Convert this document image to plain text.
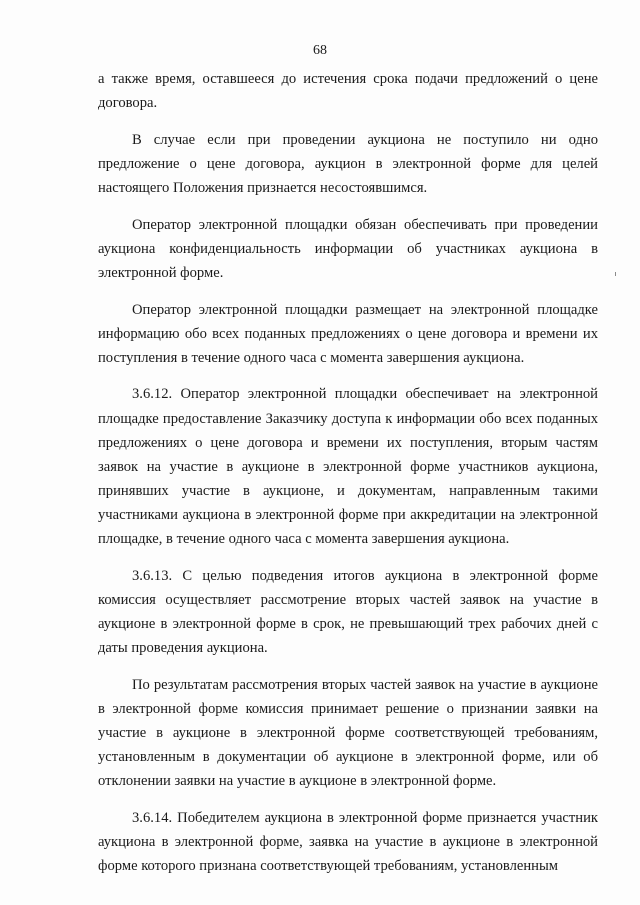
68

а также время, оставшееся до истечения срока подачи предложений о цене договора.

В случае если при проведении аукциона не поступило ни одно предложение о цене договора, аукцион в электронной форме для целей настоящего Положения признается несостоявшимся.

Оператор электронной площадки обязан обеспечивать при проведении аукциона конфиденциальность информации об участниках аукциона в электронной форме.

Оператор электронной площадки размещает на электронной площадке информацию обо всех поданных предложениях о цене договора и времени их поступления в течение одного часа с момента завершения аукциона.

3.6.12. Оператор электронной площадки обеспечивает на электронной площадке предоставление Заказчику доступа к информации обо всех поданных предложениях о цене договора и времени их поступления, вторым частям заявок на участие в аукционе в электронной форме участников аукциона, принявших участие в аукционе, и документам, направленным такими участниками аукциона в электронной форме при аккредитации на электронной площадке, в течение одного часа с момента завершения аукциона.

3.6.13. С целью подведения итогов аукциона в электронной форме комиссия осуществляет рассмотрение вторых частей заявок на участие в аукционе в электронной форме в срок, не превышающий трех рабочих дней с даты проведения аукциона.

По результатам рассмотрения вторых частей заявок на участие в аукционе в электронной форме комиссия принимает решение о признании заявки на участие в аукционе в электронной форме соответствующей требованиям, установленным в документации об аукционе в электронной форме, или об отклонении заявки на участие в аукционе в электронной форме.

3.6.14. Победителем аукциона в электронной форме признается участник аукциона в электронной форме, заявка на участие в аукционе в электронной форме которого признана соответствующей требованиям, установленным
